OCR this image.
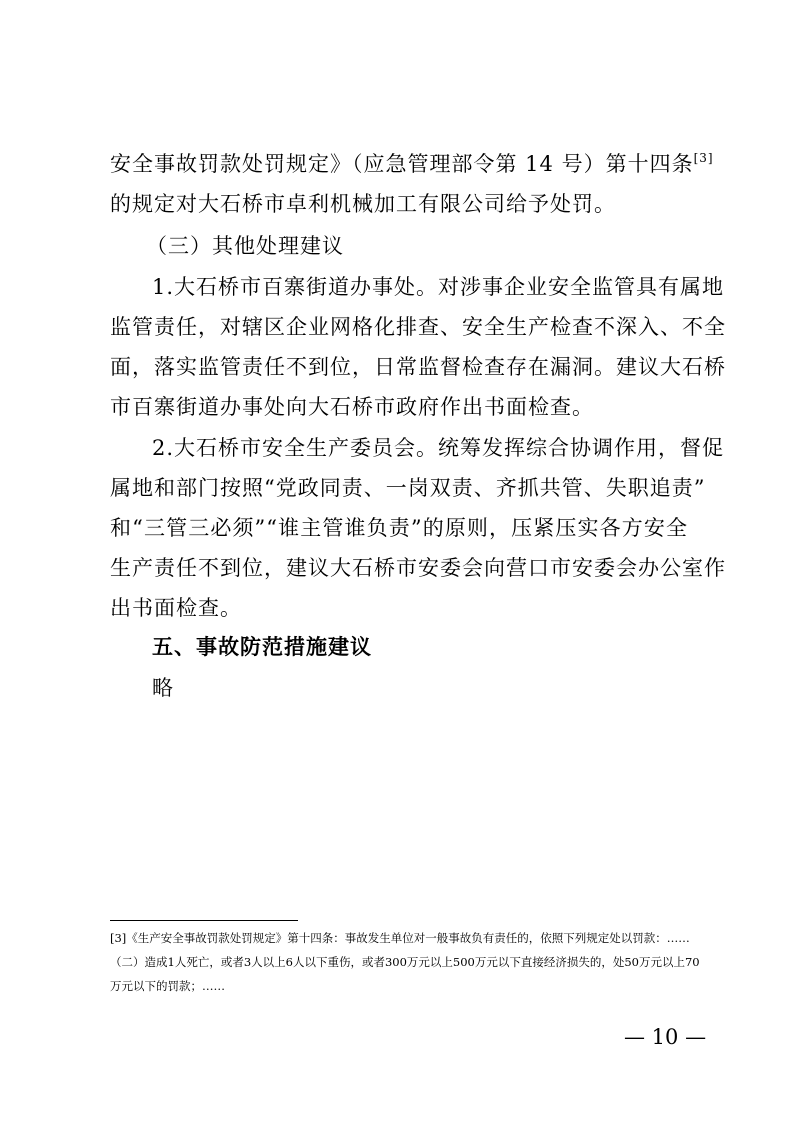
安全事故罚款处罚规定》（应急管理部令第 14 号）第十四条[3]
的规定对大石桥市卓利机械加工有限公司给予处罚。
（三）其他处理建议
1.大石桥市百寨街道办事处。对涉事企业安全监管具有属地
监管责任，对辖区企业网格化排查、安全生产检查不深入、不全
面，落实监管责任不到位，日常监督检查存在漏洞。建议大石桥
市百寨街道办事处向大石桥市政府作出书面检查。
2.大石桥市安全生产委员会。统筹发挥综合协调作用，督促
属地和部门按照“党政同责、一岗双责、齐抓共管、失职追责”
和“三管三必须”“谁主管谁负责”的原则，压紧压实各方安全
生产责任不到位，建议大石桥市安委会向营口市安委会办公室作
出书面检查。
五、事故防范措施建议
略
[3]《生产安全事故罚款处罚规定》第十四条：事故发生单位对一般事故负有责任的，依照下列规定处以罚款：……
（二）造成1人死亡，或者3人以上6人以下重伤，或者300万元以上500万元以下直接经济损失的，处50万元以上70
万元以下的罚款；……
— 10 —
